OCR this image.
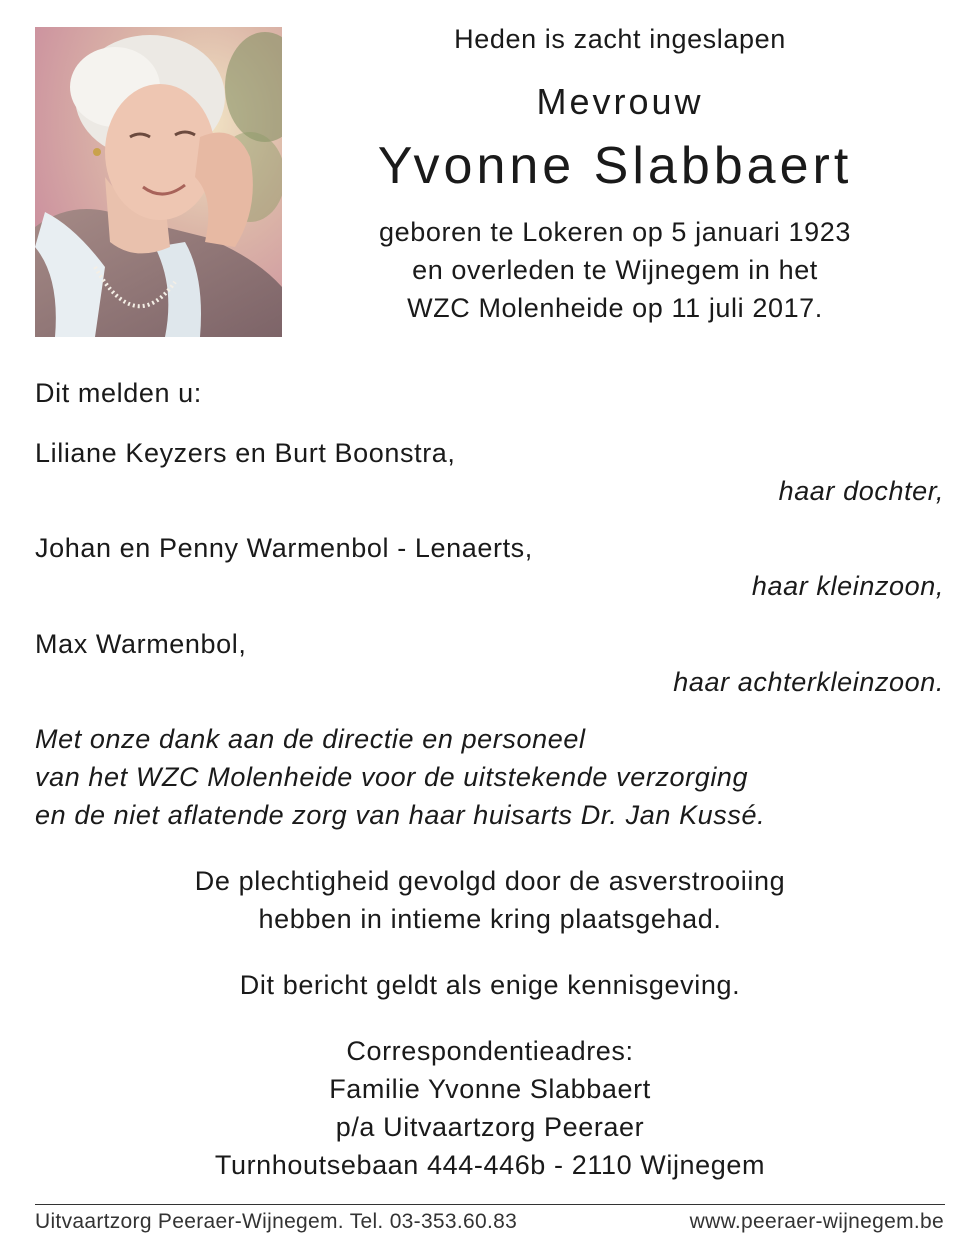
Heden is zacht ingeslapen
Mevrouw
Yvonne Slabbaert
geboren te Lokeren op 5 januari 1923
en overleden te Wijnegem in het
WZC Molenheide op 11 juli 2017.
Dit melden u:
Liliane Keyzers en Burt Boonstra,
haar dochter,
Johan en Penny Warmenbol - Lenaerts,
haar kleinzoon,
Max Warmenbol,
haar achterkleinzoon.
Met onze dank aan de directie en personeel
van het WZC Molenheide voor de uitstekende verzorging
en de niet aflatende zorg van haar huisarts Dr. Jan Kussé.
De plechtigheid gevolgd door de asverstrooiing
hebben in intieme kring plaatsgehad.
Dit bericht geldt als enige kennisgeving.
Correspondentieadres:
Familie Yvonne Slabbaert
p/a Uitvaartzorg Peeraer
Turnhoutsebaan 444-446b - 2110 Wijnegem
Uitvaartzorg Peeraer-Wijnegem. Tel. 03-353.60.83	www.peeraer-wijnegem.be
